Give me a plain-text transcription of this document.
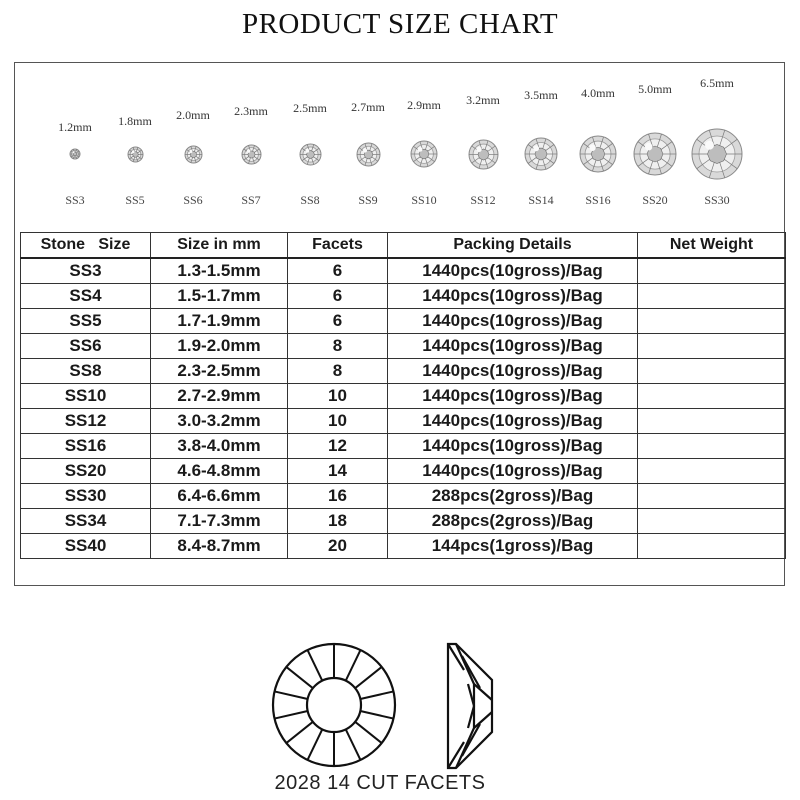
PRODUCT SIZE CHART
1.2mm
SS3
1.8mm
SS5
2.0mm
SS6
2.3mm
SS7
2.5mm
SS8
2.7mm
SS9
2.9mm
SS10
3.2mm
SS12
3.5mm
SS14
4.0mm
SS16
5.0mm
SS20
6.5mm
SS30
Stone   Size	Size in mm	Facets	Packing Details	Net Weight
SS3	1.3-1.5mm	6	1440pcs(10gross)/Bag	
SS4	1.5-1.7mm	6	1440pcs(10gross)/Bag	
SS5	1.7-1.9mm	6	1440pcs(10gross)/Bag	
SS6	1.9-2.0mm	8	1440pcs(10gross)/Bag	
SS8	2.3-2.5mm	8	1440pcs(10gross)/Bag	
SS10	2.7-2.9mm	10	1440pcs(10gross)/Bag	
SS12	3.0-3.2mm	10	1440pcs(10gross)/Bag	
SS16	3.8-4.0mm	12	1440pcs(10gross)/Bag	
SS20	4.6-4.8mm	14	1440pcs(10gross)/Bag	
SS30	6.4-6.6mm	16	288pcs(2gross)/Bag	
SS34	7.1-7.3mm	18	288pcs(2gross)/Bag	
SS40	8.4-8.7mm	20	144pcs(1gross)/Bag	
2028 14 CUT FACETS
